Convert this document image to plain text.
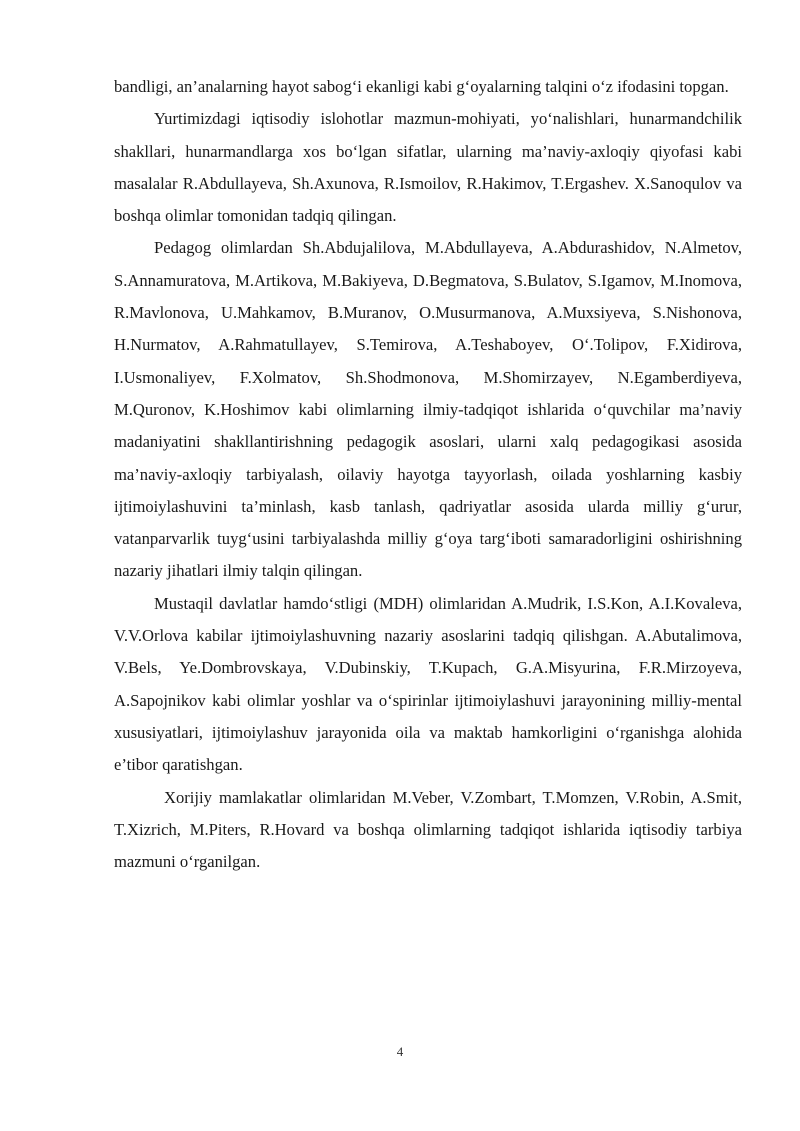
bandligi, an’analarning hayot sabog‘i ekanligi kabi g‘oyalarning talqini o‘z ifodasini topgan.

Yurtimizdagi iqtisodiy islohotlar mazmun-mohiyati, yo‘nalishlari, hunarmandchilik shakllari, hunarmandlarga xos bo‘lgan sifatlar, ularning ma’naviy-axloqiy qiyofasi kabi masalalar R.Abdullayeva, Sh.Axunova, R.Ismoilov, R.Hakimov, T.Ergashev. X.Sanoqulov va boshqa olimlar tomonidan tadqiq qilingan.

Pedagog olimlardan Sh.Abdujalilova, M.Abdullayeva, A.Abdurashidov, N.Almetov, S.Annamuratova, M.Artikova, M.Bakiyeva, D.Begmatova, S.Bulatov, S.Igamov, M.Inomova, R.Mavlonova, U.Mahkamov, B.Muranov, O.Musurmanova, A.Muxsiyeva, S.Nishonova, H.Nurmatov, A.Rahmatullayev, S.Temirova, A.Teshaboyev, O‘.Tolipov, F.Xidirova, I.Usmonaliyev, F.Xolmatov, Sh.Shodmonova, M.Shomirzayev, N.Egamberdiyeva, M.Quronov, K.Hoshimov kabi olimlarning ilmiy-tadqiqot ishlarida o‘quvchilar ma’naviy madaniyatini shakllantirishning pedagogik asoslari, ularni xalq pedagogikasi asosida ma’naviy-axloqiy tarbiyalash, oilaviy hayotga tayyorlash, oilada yoshlarning kasbiy ijtimoiylashuvini ta’minlash, kasb tanlash, qadriyatlar asosida ularda milliy g‘urur, vatanparvarlik tuyg‘usini tarbiyalashda milliy g‘oya targ‘iboti samaradorligini oshirishning nazariy jihatlari ilmiy talqin qilingan.

Mustaqil davlatlar hamdo‘stligi (MDH) olimlaridan A.Mudrik, I.S.Kon, A.I.Kovaleva, V.V.Orlova kabilar ijtimoiylashuvning nazariy asoslarini tadqiq qilishgan. A.Abutalimova, V.Bels, Ye.Dombrovskaya, V.Dubinskiy, T.Kupach, G.A.Misyurina, F.R.Mirzoyeva, A.Sapojnikov kabi olimlar yoshlar va o‘spirinlar ijtimoiylashuvi jarayonining milliy-mental xususiyatlari, ijtimoiylashuv jarayonida oila va maktab hamkorligini o‘rganishga alohida e’tibor qaratishgan.

Xorijiy mamlakatlar olimlaridan M.Veber, V.Zombart, T.Momzen, V.Robin, A.Smit, T.Xizrich, M.Piters, R.Hovard va boshqa olimlarning tadqiqot ishlarida iqtisodiy tarbiya mazmuni o‘rganilgan.

4
